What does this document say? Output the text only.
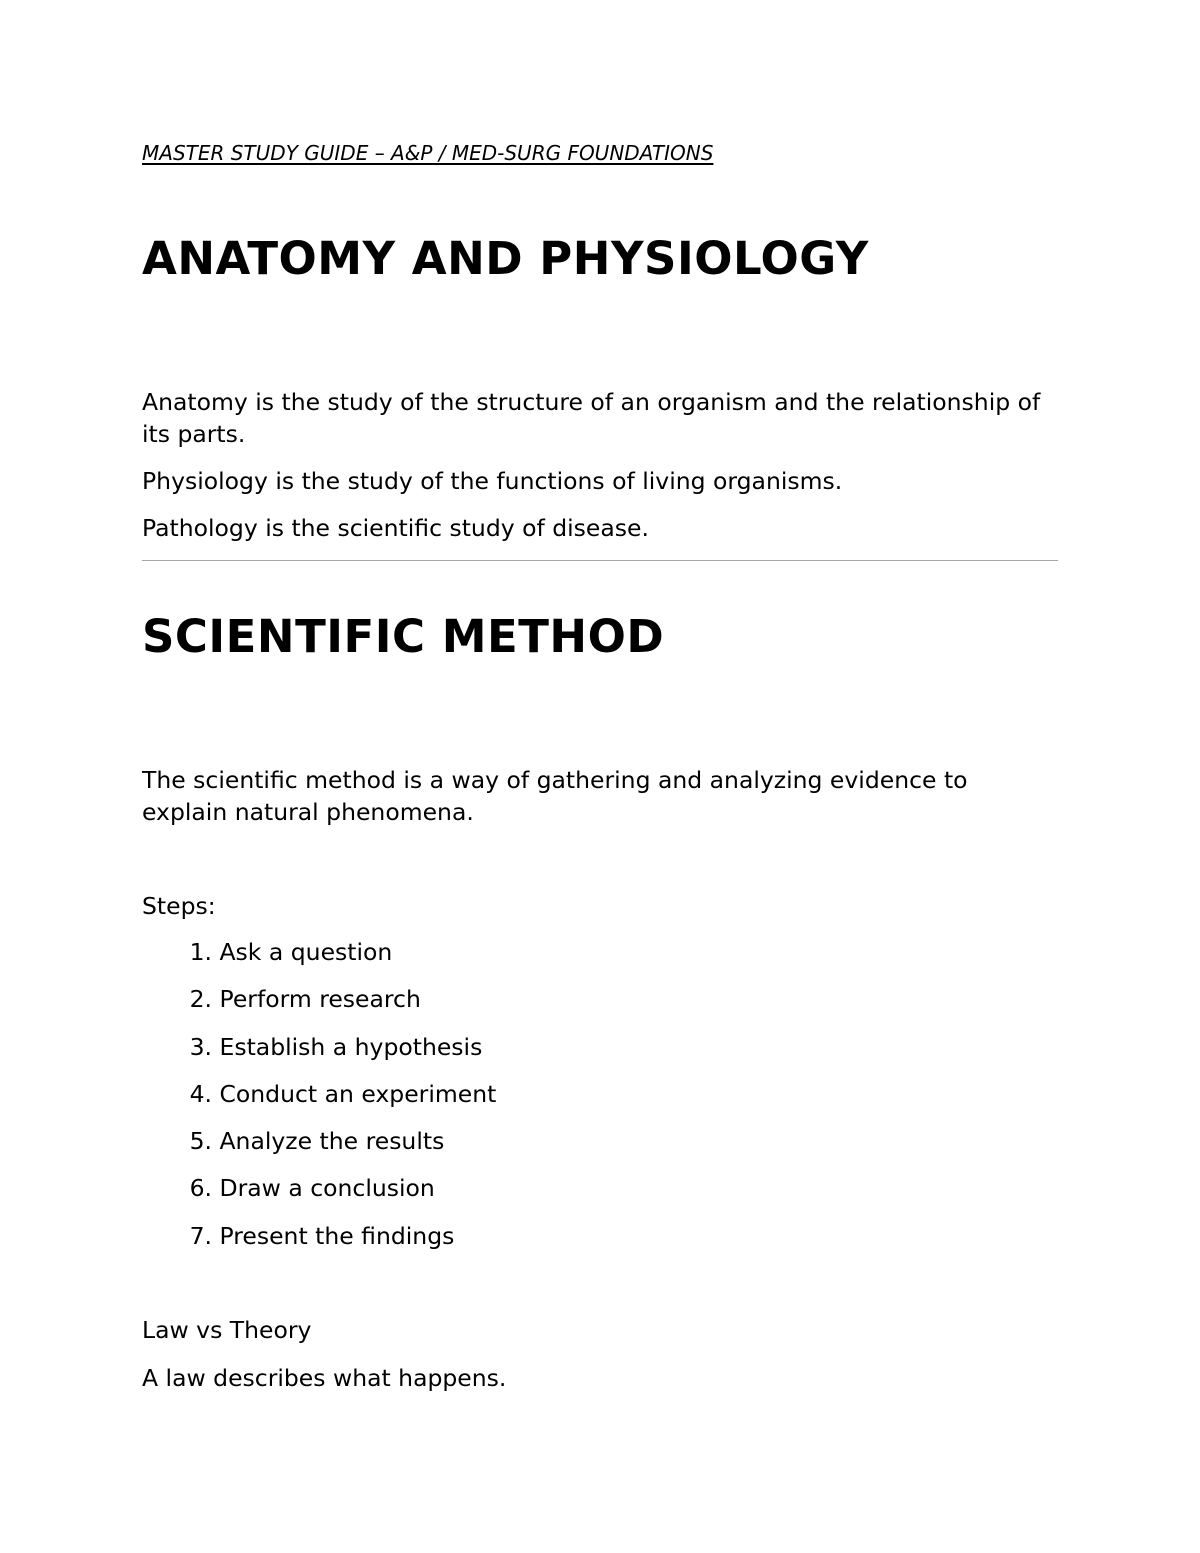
MASTER STUDY GUIDE – A&P / MED-SURG FOUNDATIONS

ANATOMY AND PHYSIOLOGY

Anatomy is the study of the structure of an organism and the relationship of its parts.

Physiology is the study of the functions of living organisms.

Pathology is the scientific study of disease.

SCIENTIFIC METHOD

The scientific method is a way of gathering and analyzing evidence to explain natural phenomena.

Steps:

1. Ask a question
2. Perform research
3. Establish a hypothesis
4. Conduct an experiment
5. Analyze the results
6. Draw a conclusion
7. Present the findings

Law vs Theory

A law describes what happens.
